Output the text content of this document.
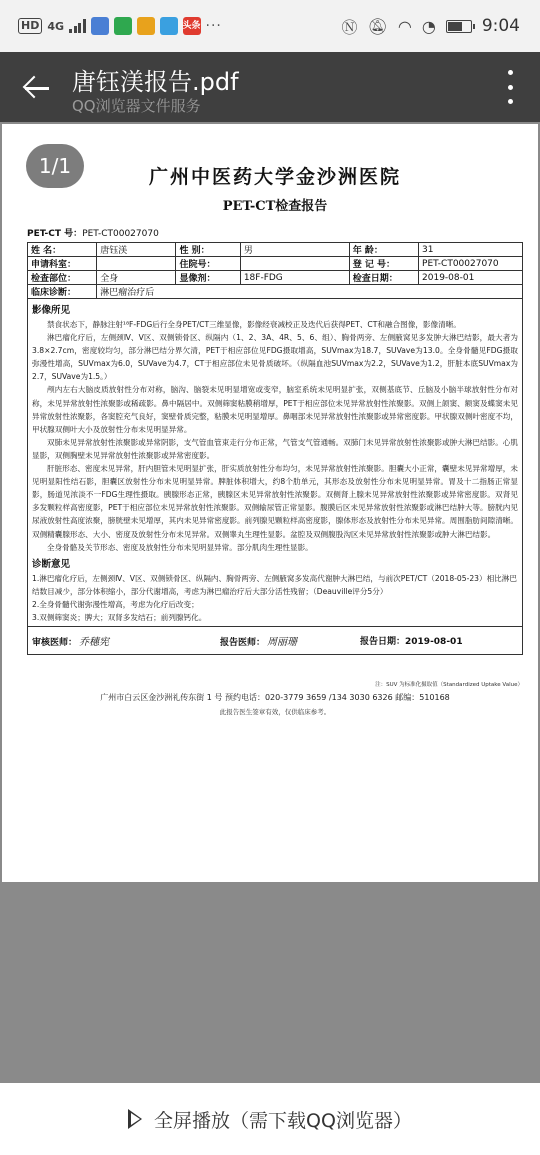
HD 4G	头条 ···	Ⓝ 🔕︎ ◠ ◔	9:04
唐钰渼报告.pdf
QQ浏览器文件服务
1/1	广州中医药大学金沙洲医院
PET-CT检查报告
PET-CT 号：PET-CT00027070
姓 名：	唐钰渼	性 别：	男	年 龄：	31
申请科室：		住院号：		登 记 号：	PET-CT00027070
检查部位：	全身	显像剂：	18F-FDG	检查日期：	2019-08-01
临床诊断：	淋巴瘤治疗后				
影像所见

禁食状态下，静脉注射¹⁸F-FDG后行全身PET/CT三维显像，影像经衰减校正及迭代后获得PET、CT和融合图像，影像清晰。

淋巴瘤化疗后，左侧颈Ⅳ、Ⅴ区、双侧锁骨区、纵隔内（1、2、3A、4R、5、6、组）、胸骨两旁、左侧腋窝见多发肿大淋巴结影，最大者为3.8×2.7cm，密度较均匀，部分淋巴结分界欠清，PET于相应部位见FDG摄取增高，SUVmax为18.7，SUVave为13.0。全身骨髓见FDG摄取弥漫性增高，SUVmax为6.0，SUVave为4.7，CT于相应部位未见骨质破坏。（纵隔血池SUVmax为2.2，SUVave为1.2，肝脏本底SUVmax为2.7，SUVave为1.5。）

颅内左右大脑皮质放射性分布对称，脑沟、脑裂未见明显增宽或变窄，脑室系统未见明显扩张，双侧基底节、丘脑及小脑半球放射性分布对称，未见异常放射性浓聚影或稀疏影。鼻中隔居中。双侧筛窦粘膜稍增厚，PET于相应部位未见异常放射性浓聚影。双侧上颌窦、额窦及蝶窦未见异常放射性浓聚影，各窦腔充气良好，窦壁骨质完整，粘膜未见明显增厚。鼻咽部未见异常放射性浓聚影或异常密度影。甲状腺双侧叶密度不均，甲状腺双侧叶大小及放射性分布未见明显异常。

双肺未见异常放射性浓聚影或异常阴影，支气管血管束走行分布正常，气管支气管通畅。双肺门未见异常放射性浓聚影或肿大淋巴结影。心肌显影，双侧胸壁未见异常放射性浓聚影或异常密度影。

肝脏形态、密度未见异常，肝内胆管未见明显扩张，肝实质放射性分布均匀，未见异常放射性浓聚影。胆囊大小正常，囊壁未见异常增厚，未见明显阳性结石影，胆囊区放射性分布未见明显异常。脾脏体积增大，约8个肋单元，其形态及放射性分布未见明显异常。胃及十二指肠正常显影，肠道见浓淡不一FDG生理性摄取。胰腺形态正常，胰腺区未见异常放射性浓聚影。双侧肾上腺未见异常放射性浓聚影或异常密度影。双肾见多发颗粒样高密度影，PET于相应部位未见异常放射性浓聚影。双侧输尿管正常显影。腹膜后区未见异常放射性浓聚影或淋巴结肿大等。膀胱内见尿液放射性高度浓聚，膀胱壁未见增厚，其内未见异常密度影。前列腺见颗粒样高密度影，腺体形态及放射性分布未见异常。周围脂肪间隙清晰。双侧精囊腺形态、大小、密度及放射性分布未见异常。双侧睾丸生理性显影。盆腔及双侧腹股沟区未见异常放射性浓聚影或肿大淋巴结影。

全身骨骼及关节形态、密度及放射性分布未见明显异常。部分肌肉生理性显影。

诊断意见

1.淋巴瘤化疗后，左侧颈Ⅳ、Ⅴ区、双侧锁骨区、纵隔内、胸骨两旁、左侧腋窝多发高代谢肿大淋巴结，与前次PET/CT（2018-05-23）相比淋巴结数目减少，部分体积缩小，部分代谢增高，考虑为淋巴瘤治疗后大部分活性残留；（Deauville评分5分）

2.全身骨髓代谢弥漫性增高，考虑为化疗后改变；

3.双侧筛窦炎；脾大；双肾多发结石；前列腺钙化。

审核医师： 乔穗宪	报告医师： 周丽珊	报告日期：2019-08-01
注：SUV 为标准化摄取值（Standardized Uptake Value）
广州市白云区金沙洲礼传东街 1 号 预约电话：020-3779 3659 /134 3030 6326 邮编：510168
此报告医生签章有效，仅供临床参考。
全屏播放（需下载QQ浏览器）
